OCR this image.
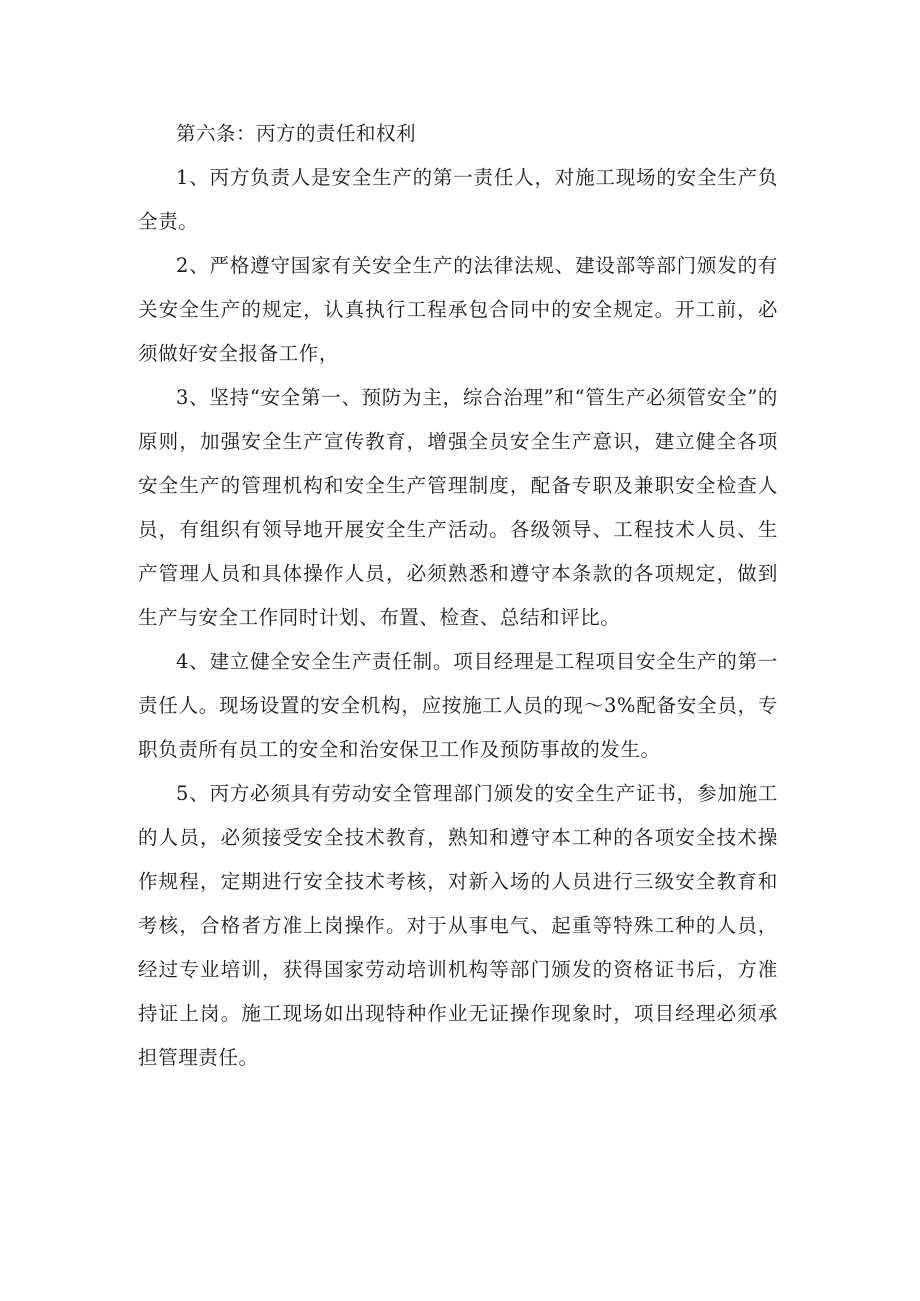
第六条：丙方的责任和权利

1、丙方负责人是安全生产的第一责任人，对施工现场的安全生产负全责。

2、严格遵守国家有关安全生产的法律法规、建设部等部门颁发的有关安全生产的规定，认真执行工程承包合同中的安全规定。开工前，必须做好安全报备工作，

3、坚持“安全第一、预防为主，综合治理”和“管生产必须管安全”的原则，加强安全生产宣传教育，增强全员安全生产意识，建立健全各项安全生产的管理机构和安全生产管理制度，配备专职及兼职安全检查人员，有组织有领导地开展安全生产活动。各级领导、工程技术人员、生产管理人员和具体操作人员，必须熟悉和遵守本条款的各项规定，做到生产与安全工作同时计划、布置、检查、总结和评比。

4、建立健全安全生产责任制。项目经理是工程项目安全生产的第一责任人。现场设置的安全机构，应按施工人员的现～3%配备安全员，专职负责所有员工的安全和治安保卫工作及预防事故的发生。

5、丙方必须具有劳动安全管理部门颁发的安全生产证书，参加施工的人员，必须接受安全技术教育，熟知和遵守本工种的各项安全技术操作规程，定期进行安全技术考核，对新入场的人员进行三级安全教育和考核，合格者方准上岗操作。对于从事电气、起重等特殊工种的人员，经过专业培训，获得国家劳动培训机构等部门颁发的资格证书后，方准持证上岗。施工现场如出现特种作业无证操作现象时，项目经理必须承担管理责任。
